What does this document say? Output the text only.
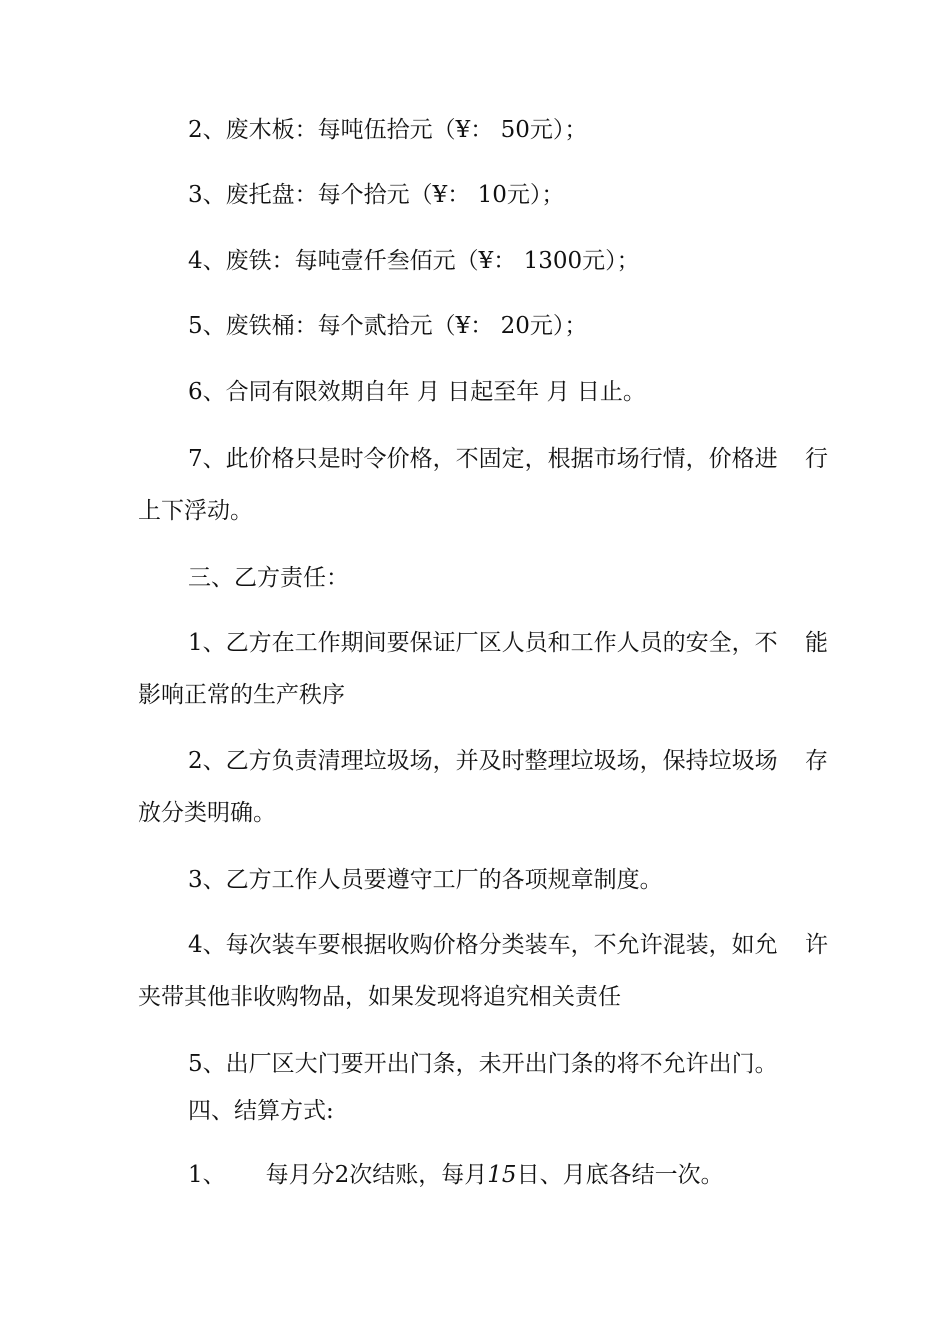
2、废木板：每吨伍拾元（¥： 50元）；
3、废托盘：每个拾元（¥： 10元）；
4、废铁：每吨壹仟叁佰元（¥： 1300元）；
5、废铁桶：每个贰拾元（¥： 20元）；
6、合同有限效期自年 月 日起至年 月 日止。
7、此价格只是时令价格，不固定，根据市场行情，价格进 行
上下浮动。
三、乙方责任：
1、乙方在工作期间要保证厂区人员和工作人员的安全，不 能
影响正常的生产秩序
2、乙方负责清理垃圾场，并及时整理垃圾场，保持垃圾场 存
放分类明确。
3、乙方工作人员要遵守工厂的各项规章制度。
4、每次装车要根据收购价格分类装车，不允许混装，如允 许
夹带其他非收购物品，如果发现将追究相关责任
5、出厂区大门要开出门条，未开出门条的将不允许出门。
四、结算方式:
1、 每月分2次结账，每月15日、月底各结一次。
